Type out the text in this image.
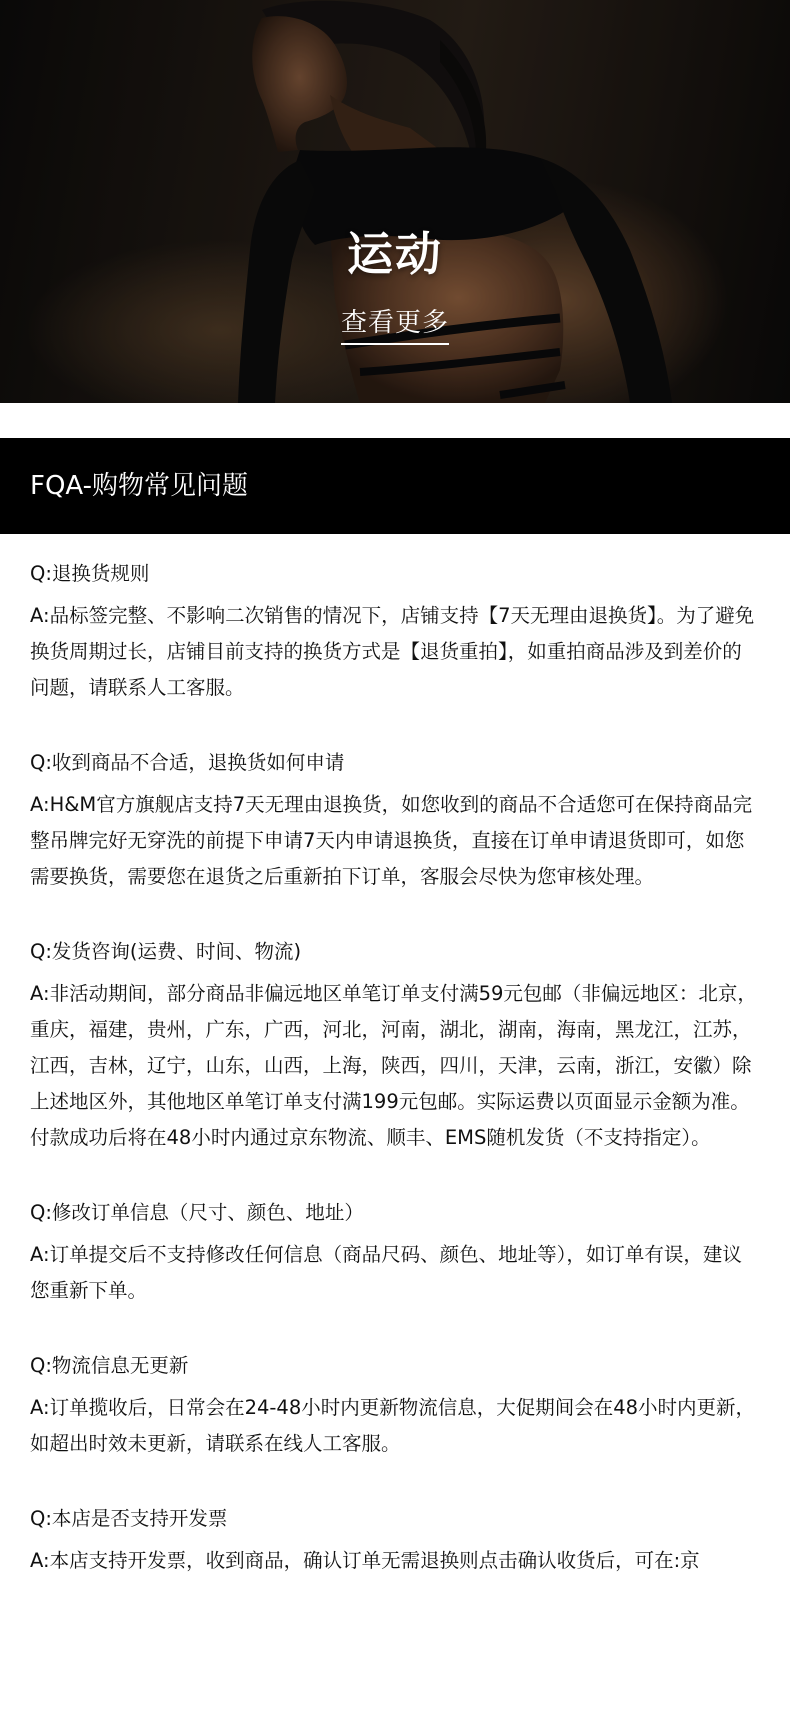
运动
查看更多
FQA-购物常见问题

Q:退换货规则

A:品标签完整、不影响二次销售的情况下，店铺支持【7天无理由退换货】。为了避免换货周期过长，店铺目前支持的换货方式是【退货重拍】，如重拍商品涉及到差价的问题，请联系人工客服。

Q:收到商品不合适，退换货如何申请

A:H&M官方旗舰店支持7天无理由退换货，如您收到的商品不合适您可在保持商品完整吊牌完好无穿洗的前提下申请7天内申请退换货，直接在订单申请退货即可，如您需要换货，需要您在退货之后重新拍下订单，客服会尽快为您审核处理。

Q:发货咨询(运费、时间、物流)

A:非活动期间，部分商品非偏远地区单笔订单支付满59元包邮（非偏远地区：北京，重庆，福建，贵州，广东，广西，河北，河南，湖北，湖南，海南，黑龙江，江苏，江西，吉林，辽宁，山东，山西，上海，陕西，四川，天津，云南，浙江，安徽）除上述地区外，其他地区单笔订单支付满199元包邮。实际运费以页面显示金额为准。付款成功后将在48小时内通过京东物流、顺丰、EMS随机发货（不支持指定）。

Q:修改订单信息（尺寸、颜色、地址）

A:订单提交后不支持修改任何信息（商品尺码、颜色、地址等），如订单有误，建议您重新下单。

Q:物流信息无更新

A:订单揽收后，日常会在24-48小时内更新物流信息，大促期间会在48小时内更新，如超出时效未更新，请联系在线人工客服。

Q:本店是否支持开发票

A:本店支持开发票，收到商品，确认订单无需退换则点击确认收货后，可在:京
